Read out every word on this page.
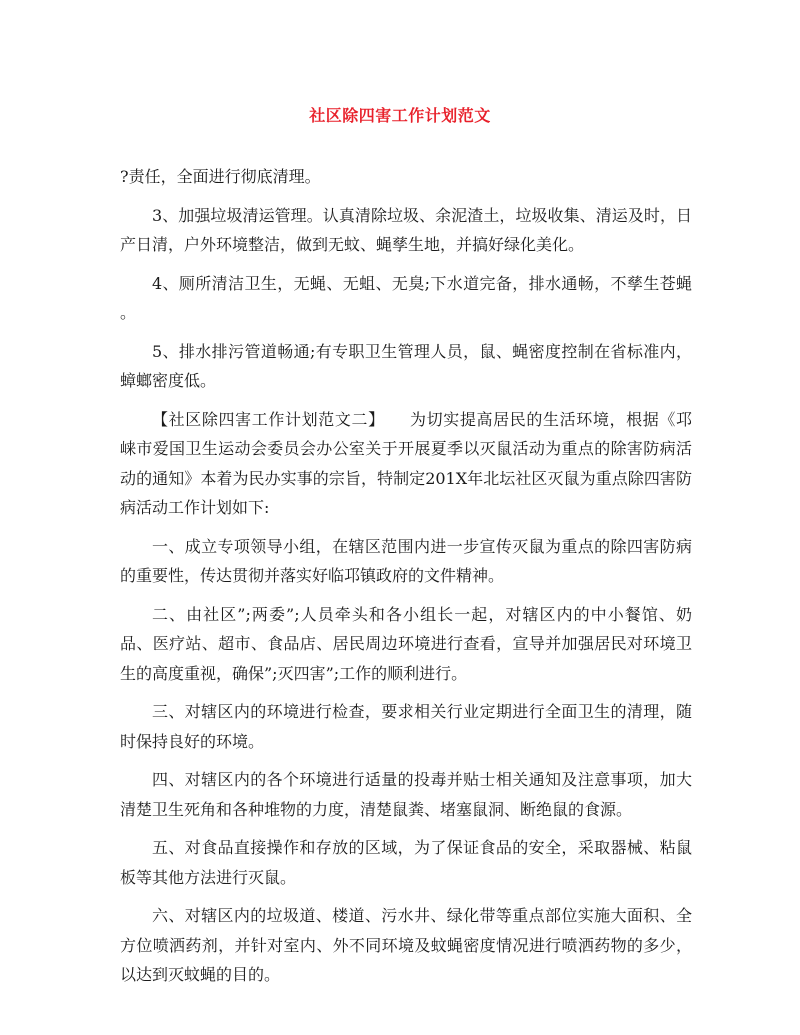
社区除四害工作计划范文
?责任，全面进行彻底清理。
3、加强垃圾清运管理。认真清除垃圾、余泥渣土，垃圾收集、清运及时，日
产日清，户外环境整洁，做到无蚊、蝇孳生地，并搞好绿化美化。
4、厕所清洁卫生，无蝇、无蛆、无臭;下水道完备，排水通畅，不孳生苍蝇
。
5、排水排污管道畅通;有专职卫生管理人员，鼠、蝇密度控制在省标准内，
蟑螂密度低。
【社区除四害工作计划范文二】　　为切实提高居民的生活环境，根据《邛
崃市爱国卫生运动会委员会办公室关于开展夏季以灭鼠活动为重点的除害防病活
动的通知》本着为民办实事的宗旨，特制定201X年北坛社区灭鼠为重点除四害防
病活动工作计划如下:
一、成立专项领导小组，在辖区范围内进一步宣传灭鼠为重点的除四害防病
的重要性，传达贯彻并落实好临邛镇政府的文件精神。
二、由社区”;两委”;人员牵头和各小组长一起，对辖区内的中小餐馆、奶
品、医疗站、超市、食品店、居民周边环境进行查看，宣导并加强居民对环境卫
生的高度重视，确保”;灭四害”;工作的顺利进行。
三、对辖区内的环境进行检查，要求相关行业定期进行全面卫生的清理，随
时保持良好的环境。
四、对辖区内的各个环境进行适量的投毒并贴士相关通知及注意事项，加大
清楚卫生死角和各种堆物的力度，清楚鼠粪、堵塞鼠洞、断绝鼠的食源。
五、对食品直接操作和存放的区域，为了保证食品的安全，采取器械、粘鼠
板等其他方法进行灭鼠。
六、对辖区内的垃圾道、楼道、污水井、绿化带等重点部位实施大面积、全
方位喷洒药剂，并针对室内、外不同环境及蚊蝇密度情况进行喷洒药物的多少，
以达到灭蚊蝇的目的。
